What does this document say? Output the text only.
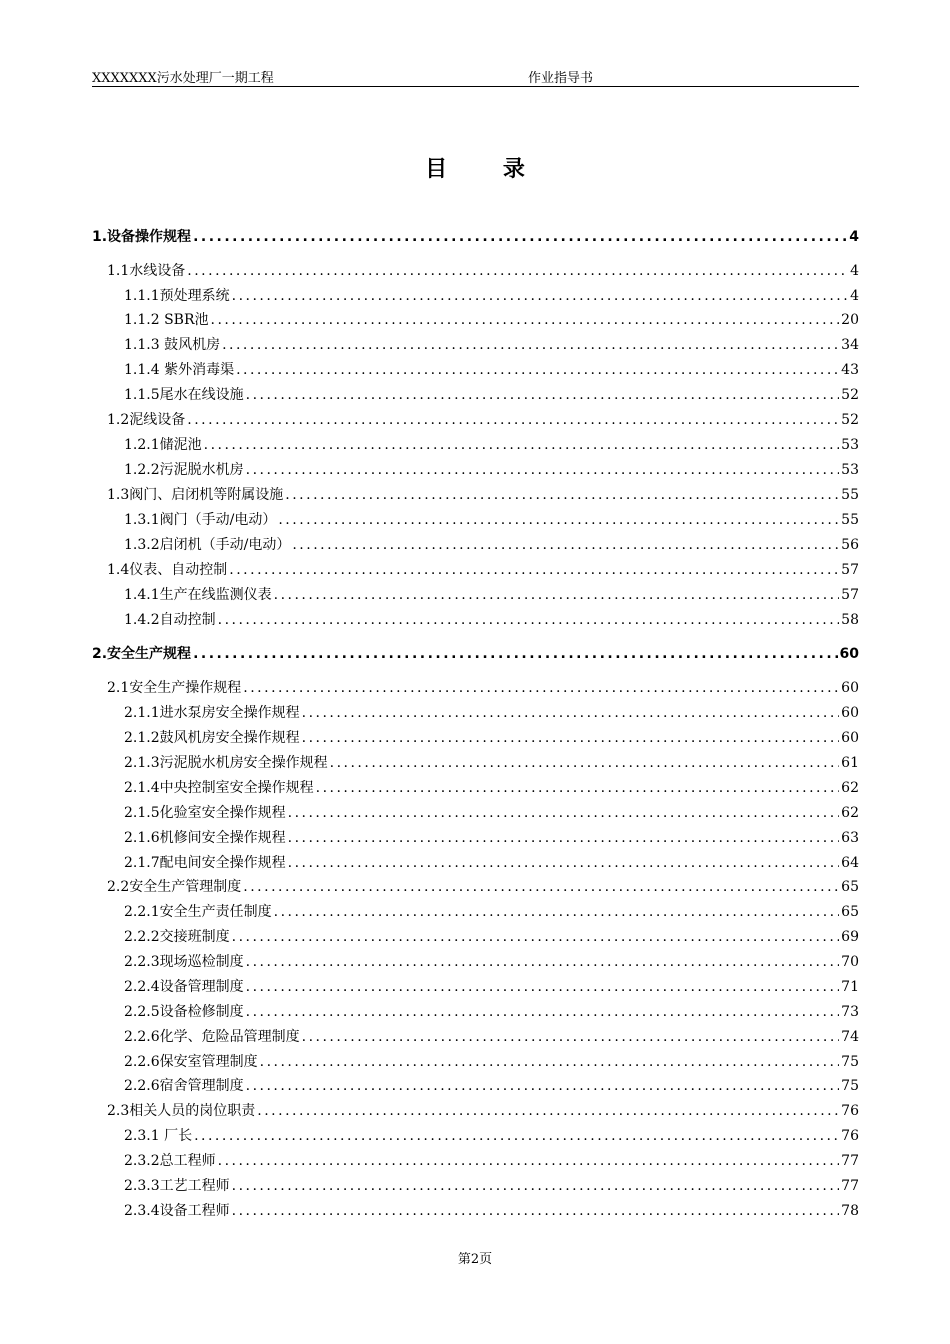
XXXXXXX污水处理厂一期工程	作业指导书
目 录
1.设备操作规程 .....	4
1.1水线设备 .....	4
1.1.1预处理系统 .....	4
1.1.2 SBR池 .....	20
1.1.3 鼓风机房 .....	34
1.1.4 紫外消毒渠 .....	43
1.1.5尾水在线设施 .....	52
1.2泥线设备 .....	52
1.2.1储泥池 .....	53
1.2.2污泥脱水机房 .....	53
1.3阀门、启闭机等附属设施 .....	55
1.3.1阀门（手动/电动） .....	55
1.3.2启闭机（手动/电动） .....	56
1.4仪表、自动控制 .....	57
1.4.1生产在线监测仪表 .....	57
1.4.2自动控制 .....	58
2.安全生产规程 .....	60
2.1安全生产操作规程 .....	60
2.1.1进水泵房安全操作规程 .....	60
2.1.2鼓风机房安全操作规程 .....	60
2.1.3污泥脱水机房安全操作规程 .....	61
2.1.4中央控制室安全操作规程 .....	62
2.1.5化验室安全操作规程 .....	62
2.1.6机修间安全操作规程 .....	63
2.1.7配电间安全操作规程 .....	64
2.2安全生产管理制度 .....	65
2.2.1安全生产责任制度 .....	65
2.2.2交接班制度 .....	69
2.2.3现场巡检制度 .....	70
2.2.4设备管理制度 .....	71
2.2.5设备检修制度 .....	73
2.2.6化学、危险品管理制度 .....	74
2.2.6保安室管理制度 .....	75
2.2.6宿舍管理制度 .....	75
2.3相关人员的岗位职责 .....	76
2.3.1 厂长 .....	76
2.3.2总工程师 .....	77
2.3.3工艺工程师 .....	77
2.3.4设备工程师 .....	78
第2页
